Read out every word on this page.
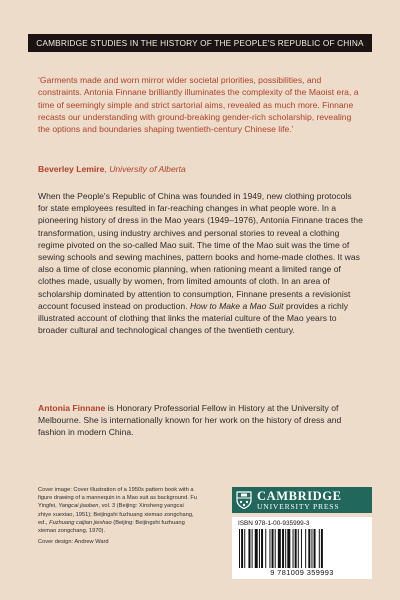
CAMBRIDGE STUDIES IN THE HISTORY OF THE PEOPLE'S REPUBLIC OF CHINA
‘Garments made and worn mirror wider societal priorities, possibilities, and constraints. Antonia Finnane brilliantly illuminates the complexity of the Maoist era, a time of seemingly simple and strict sartorial aims, revealed as much more. Finnane recasts our understanding with ground-breaking gender-rich scholarship, revealing the options and boundaries shaping twentieth-century Chinese life.’
Beverley Lemire, University of Alberta
When the People's Republic of China was founded in 1949, new clothing protocols for state employees resulted in far-reaching changes in what people wore. In a pioneering history of dress in the Mao years (1949–1976), Antonia Finnane traces the transformation, using industry archives and personal stories to reveal a clothing regime pivoted on the so-called Mao suit. The time of the Mao suit was the time of sewing schools and sewing machines, pattern books and home-made clothes. It was also a time of close economic planning, when rationing meant a limited range of clothes made, usually by women, from limited amounts of cloth. In an area of scholarship dominated by attention to consumption, Finnane presents a revisionist account focused instead on production. How to Make a Mao Suit provides a richly illustrated account of clothing that links the material culture of the Mao years to broader cultural and technological changes of the twentieth century.
Antonia Finnane is Honorary Professorial Fellow in History at the University of Melbourne. She is internationally known for her work on the history of dress and fashion in modern China.

Cover image: Cover illustration of a 1950s pattern book with a figure drawing of a mannequin in a Mao suit as background. Fu Yingfei, Yangcai jiaoben, vol. 3 (Beijing: Xinsheng yangcai zhiye xuexiao, 1951); Beijingshi fuzhuang xiemao zongchang, ed., Fuzhuang caijian jieshao (Beijing: Beijingshi fuzhuang xiemao zongchang, 1970).

Cover design: Andrew Ward

CAMBRIDGE
UNIVERSITY PRESS
ISBN 978-1-00-935999-3
9 781009 359993
